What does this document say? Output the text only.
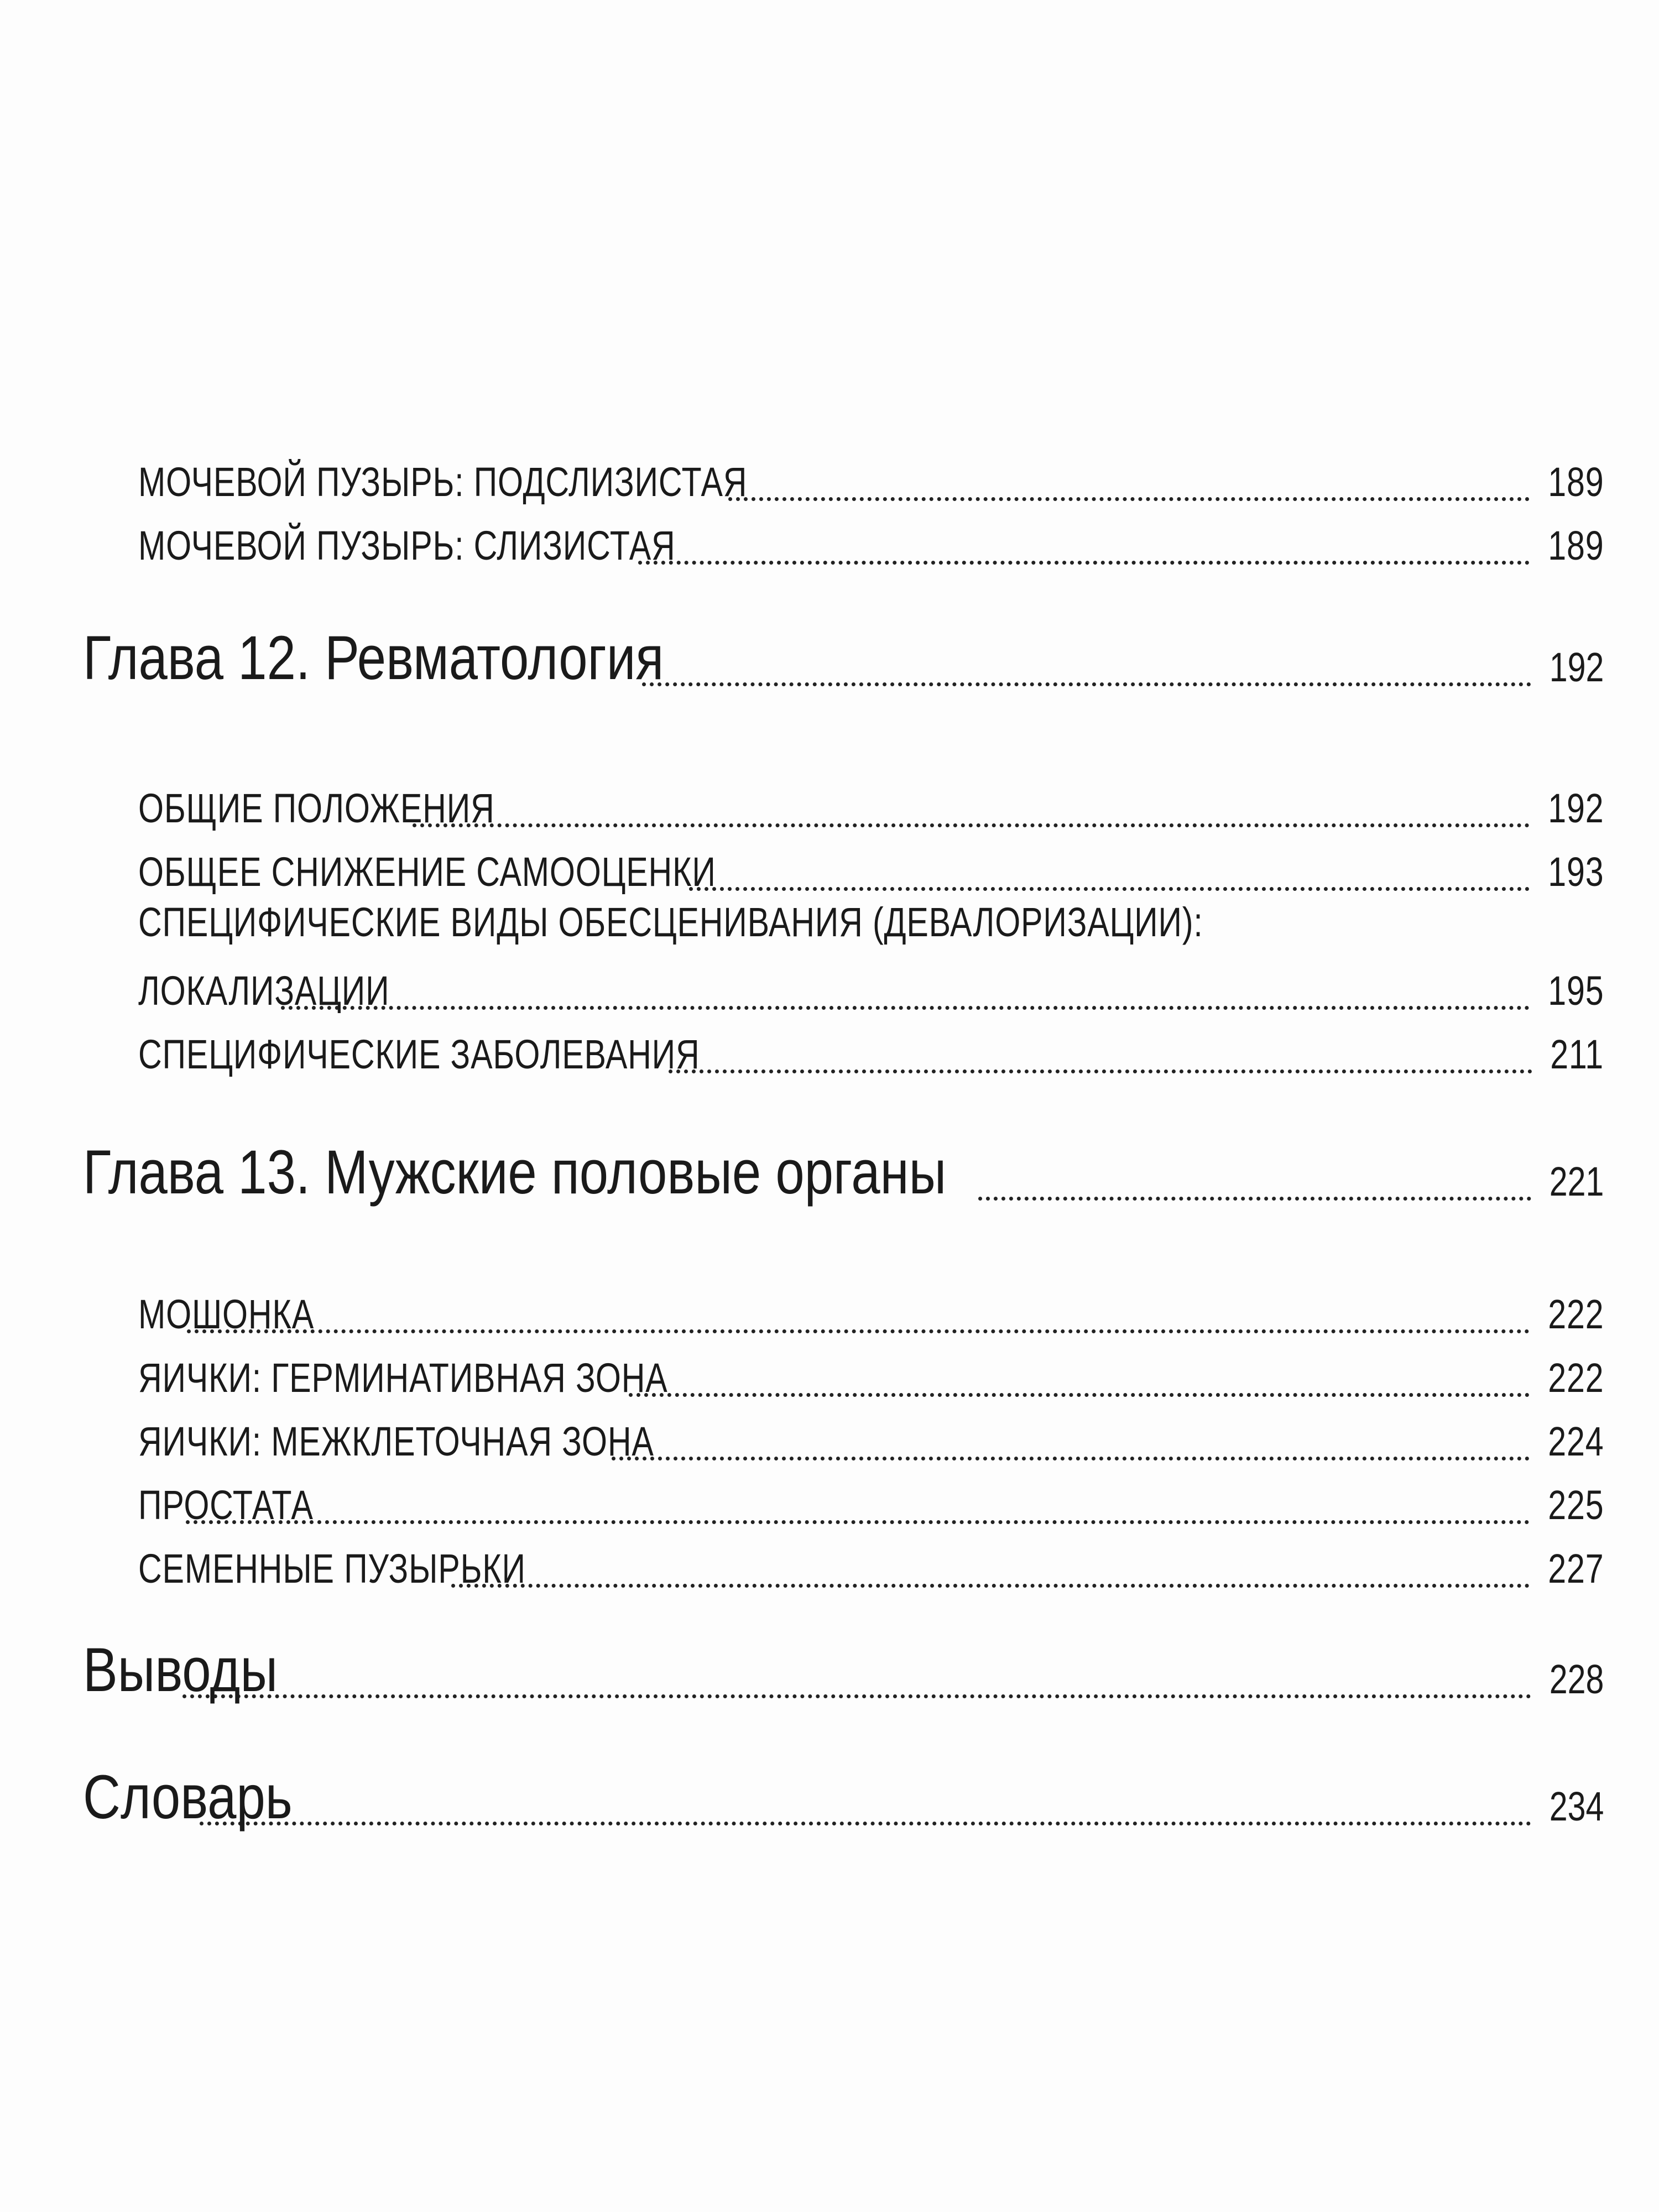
МОЧЕВОЙ ПУЗЫРЬ: ПОДСЛИЗИСТАЯ	189
МОЧЕВОЙ ПУЗЫРЬ: СЛИЗИСТАЯ	189
Глава 12. Ревматология	192
ОБЩИЕ ПОЛОЖЕНИЯ	192
ОБЩЕЕ СНИЖЕНИЕ САМООЦЕНКИ	193
СПЕЦИФИЧЕСКИЕ ВИДЫ ОБЕСЦЕНИВАНИЯ (ДЕВАЛОРИЗАЦИИ):
ЛОКАЛИЗАЦИИ	195
СПЕЦИФИЧЕСКИЕ ЗАБОЛЕВАНИЯ	211
Глава 13. Мужские половые органы	221
МОШОНКА	222
ЯИЧКИ: ГЕРМИНАТИВНАЯ ЗОНА	222
ЯИЧКИ: МЕЖКЛЕТОЧНАЯ ЗОНА	224
ПРОСТАТА	225
СЕМЕННЫЕ ПУЗЫРЬКИ	227
Выводы	228
Словарь	234
